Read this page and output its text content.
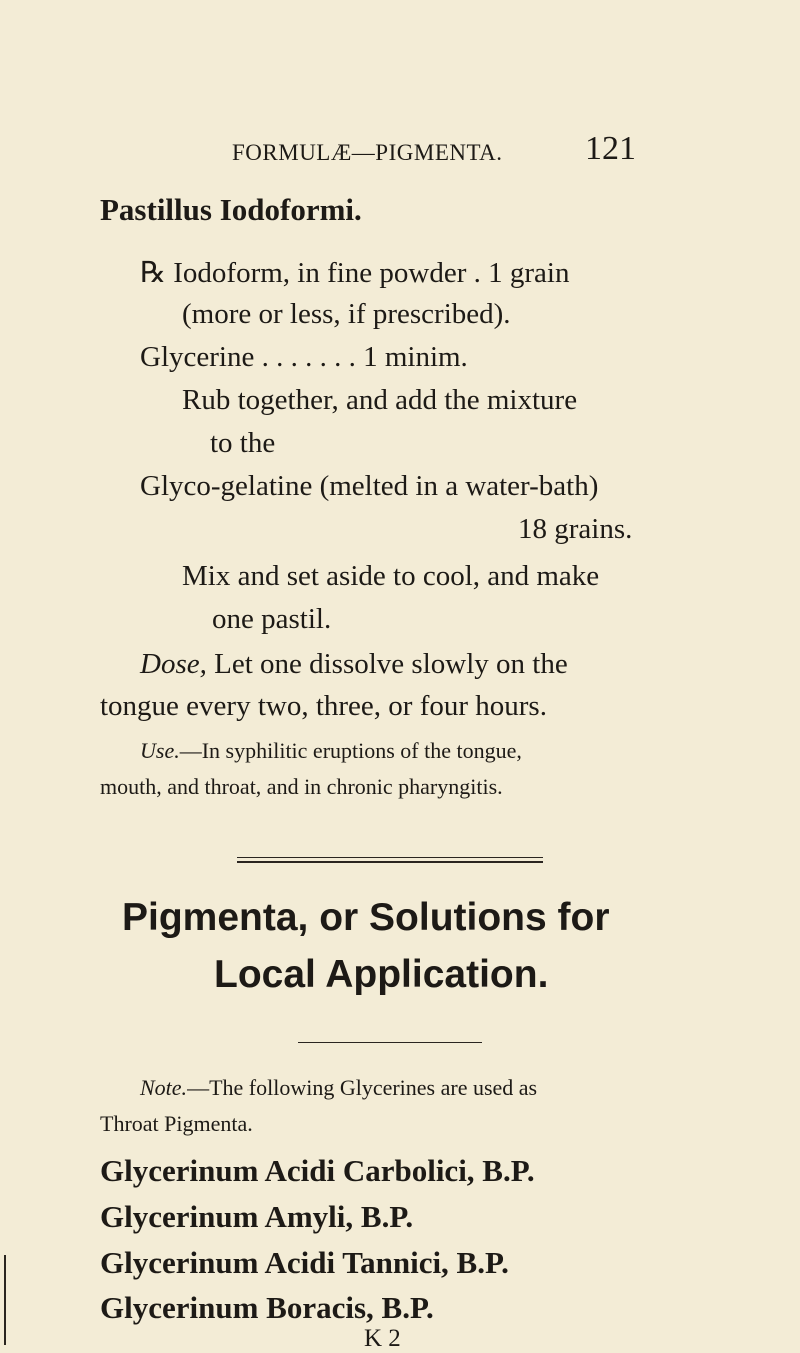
FORMULÆ—PIGMENTA. 121
Pastillus Iodoformi.
℞ Iodoform, in fine powder . 1 grain
(more or less, if prescribed).
Glycerine . . . . . . . 1 minim.
Rub together, and add the mixture
to the
Glyco-gelatine (melted in a water-bath)
18 grains.
Mix and set aside to cool, and make
one pastil.
Dose, Let one dissolve slowly on the
tongue every two, three, or four hours.
Use.—In syphilitic eruptions of the tongue,
mouth, and throat, and in chronic pharyngitis.
Pigmenta, or Solutions for
Local Application.
Note.—The following Glycerines are used as
Throat Pigmenta.
Glycerinum Acidi Carbolici, B.P.
Glycerinum Amyli, B.P.
Glycerinum Acidi Tannici, B.P.
Glycerinum Boracis, B.P.
K 2
